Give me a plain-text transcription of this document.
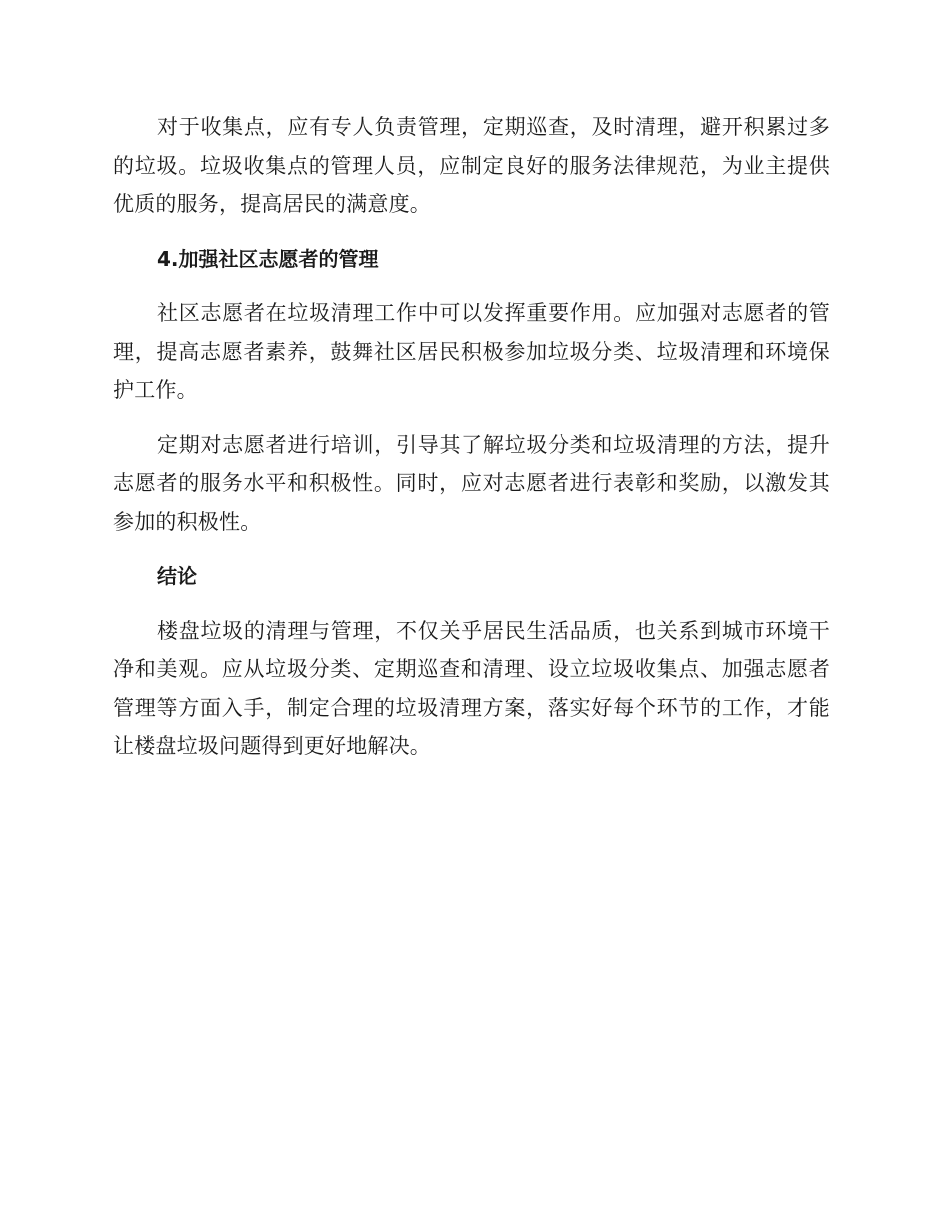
对于收集点，应有专人负责管理，定期巡查，及时清理，避开积累过多的垃圾。垃圾收集点的管理人员，应制定良好的服务法律规范，为业主提供优质的服务，提高居民的满意度。

4.加强社区志愿者的管理

社区志愿者在垃圾清理工作中可以发挥重要作用。应加强对志愿者的管理，提高志愿者素养，鼓舞社区居民积极参加垃圾分类、垃圾清理和环境保护工作。

定期对志愿者进行培训，引导其了解垃圾分类和垃圾清理的方法，提升志愿者的服务水平和积极性。同时，应对志愿者进行表彰和奖励，以激发其参加的积极性。

结论

楼盘垃圾的清理与管理，不仅关乎居民生活品质，也关系到城市环境干净和美观。应从垃圾分类、定期巡查和清理、设立垃圾收集点、加强志愿者管理等方面入手，制定合理的垃圾清理方案，落实好每个环节的工作，才能让楼盘垃圾问题得到更好地解决。
